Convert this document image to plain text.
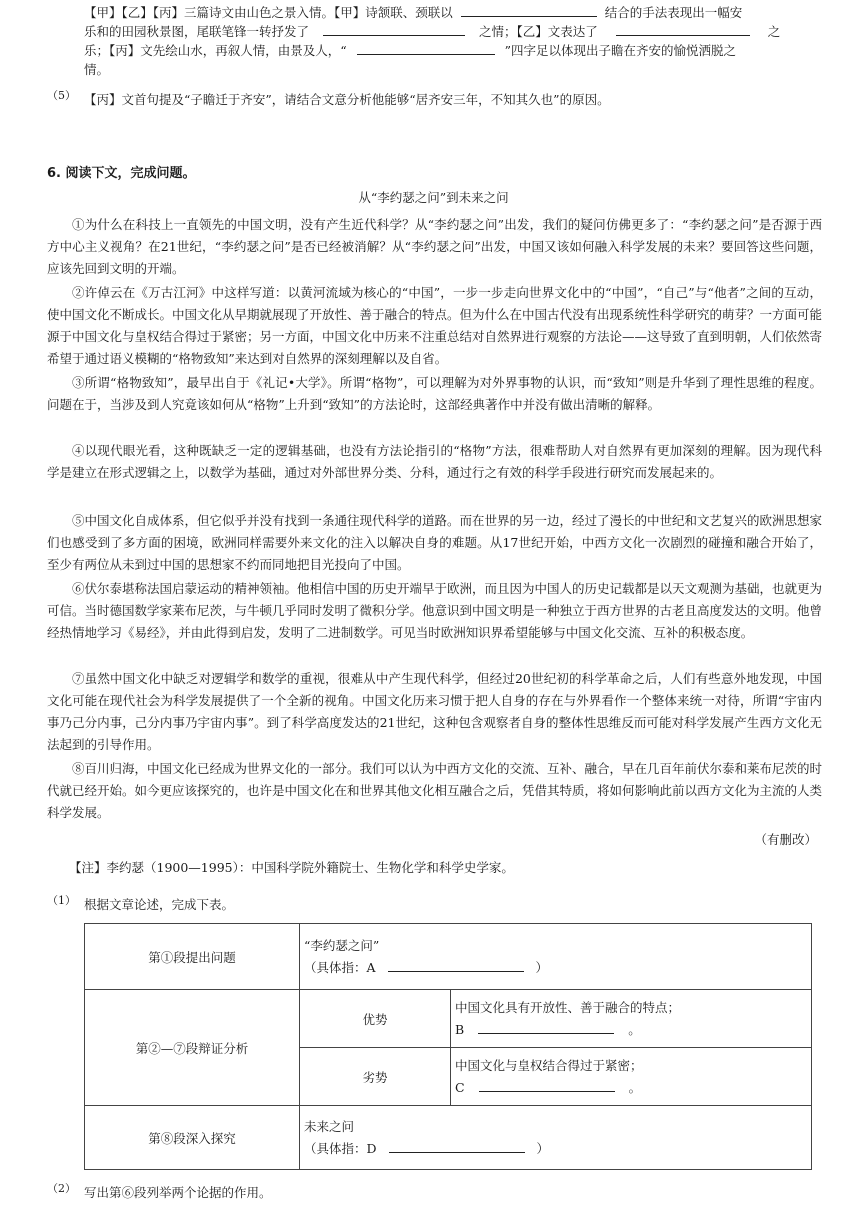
【甲】【乙】【丙】三篇诗文由山色之景入情。【甲】诗颔联、颈联以	结合的手法表现出一幅安
乐和的田园秋景图，尾联笔锋一转抒发了	之情；【乙】文表达了	之
乐；【丙】文先绘山水，再叙人情，由景及人，“	”四字足以体现出子瞻在齐安的愉悦洒脱之
情。
（5） 【丙】文首句提及“子瞻迁于齐安”，请结合文意分析他能够“居齐安三年，不知其久也”的原因。
6. 阅读下文，完成问题。
从“李约瑟之问”到未来之问
①为什么在科技上一直领先的中国文明，没有产生近代科学？从“李约瑟之问”出发，我们的疑问仿佛更多了：“李约瑟之问”是否源于西方中心主义视角？在21世纪，“李约瑟之问”是否已经被消解？从“李约瑟之问”出发，中国又该如何融入科学发展的未来？要回答这些问题，应该先回到文明的开端。
②许倬云在《万古江河》中这样写道：以黄河流域为核心的“中国”，一步一步走向世界文化中的“中国”，“自己”与“他者”之间的互动，使中国文化不断成长。中国文化从早期就展现了开放性、善于融合的特点。但为什么在中国古代没有出现系统性科学研究的萌芽？一方面可能源于中国文化与皇权结合得过于紧密；另一方面，中国文化中历来不注重总结对自然界进行观察的方法论——这导致了直到明朝，人们依然寄希望于通过语义模糊的“格物致知”来达到对自然界的深刻理解以及自省。
③所谓“格物致知”，最早出自于《礼记•大学》。所谓“格物”，可以理解为对外界事物的认识，而“致知”则是升华到了理性思维的程度。问题在于，当涉及到人究竟该如何从“格物”上升到“致知”的方法论时，这部经典著作中并没有做出清晰的解释。
④以现代眼光看，这种既缺乏一定的逻辑基础，也没有方法论指引的“格物”方法，很难帮助人对自然界有更加深刻的理解。因为现代科学是建立在形式逻辑之上，以数学为基础，通过对外部世界分类、分科，通过行之有效的科学手段进行研究而发展起来的。
⑤中国文化自成体系，但它似乎并没有找到一条通往现代科学的道路。而在世界的另一边，经过了漫长的中世纪和文艺复兴的欧洲思想家们也感受到了多方面的困境，欧洲同样需要外来文化的注入以解决自身的难题。从17世纪开始，中西方文化一次剧烈的碰撞和融合开始了，至少有两位从未到过中国的思想家不约而同地把目光投向了中国。
⑥伏尔泰堪称法国启蒙运动的精神领袖。他相信中国的历史开端早于欧洲，而且因为中国人的历史记载都是以天文观测为基础，也就更为可信。当时德国数学家莱布尼茨，与牛顿几乎同时发明了微积分学。他意识到中国文明是一种独立于西方世界的古老且高度发达的文明。他曾经热情地学习《易经》，并由此得到启发，发明了二进制数学。可见当时欧洲知识界希望能够与中国文化交流、互补的积极态度。
⑦虽然中国文化中缺乏对逻辑学和数学的重视，很难从中产生现代科学，但经过20世纪初的科学革命之后，人们有些意外地发现，中国文化可能在现代社会为科学发展提供了一个全新的视角。中国文化历来习惯于把人自身的存在与外界看作一个整体来统一对待，所谓“宇宙内事乃己分内事，己分内事乃宇宙内事”。到了科学高度发达的21世纪，这种包含观察者自身的整体性思维反而可能对科学发展产生西方文化无法起到的引导作用。
⑧百川归海，中国文化已经成为世界文化的一部分。我们可以认为中西方文化的交流、互补、融合，早在几百年前伏尔泰和莱布尼茨的时代就已经开始。如今更应该探究的，也许是中国文化在和世界其他文化相互融合之后，凭借其特质，将如何影响此前以西方文化为主流的人类科学发展。
（有删改）
【注】李约瑟（1900—1995）：中国科学院外籍院士、生物化学和科学史学家。
（1） 根据文章论述，完成下表。
第①段提出问题	“李约瑟之问”
（具体指：A ）	

第②—⑦段辩证分析	优势	中国文化具有开放性、善于融合的特点；
B 。

	劣势	中国文化与皇权结合得过于紧密；
C 。

第⑧段深入探究	未来之问
（具体指：D ）	
（2） 写出第⑥段列举两个论据的作用。
